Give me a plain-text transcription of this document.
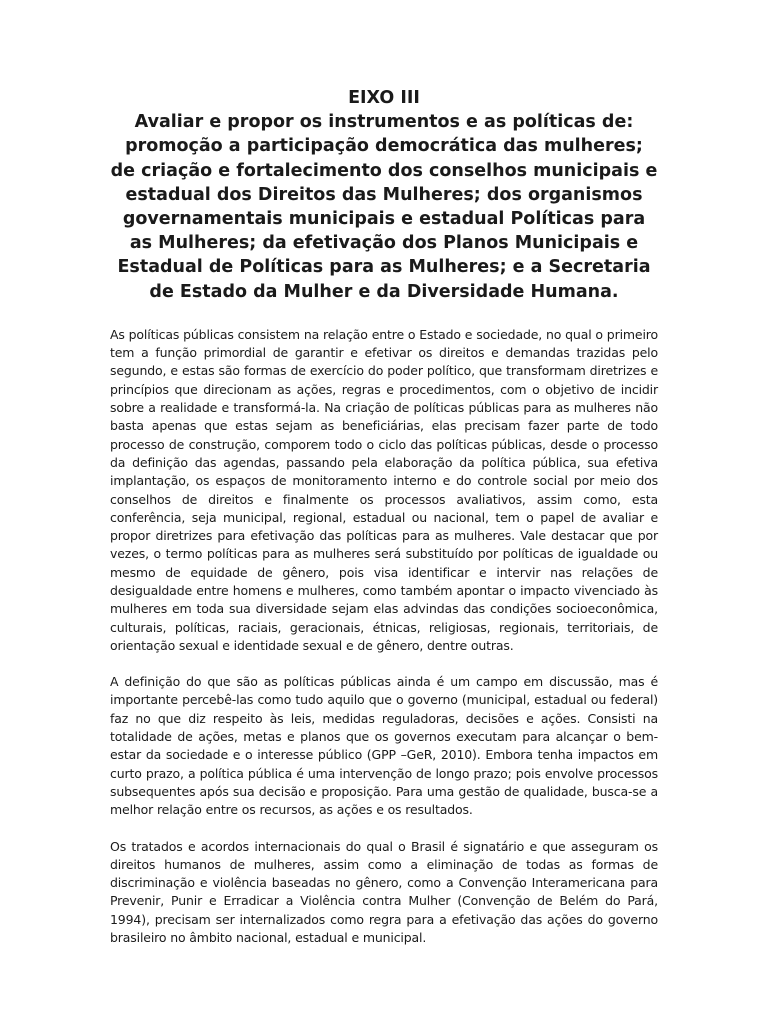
EIXO III
Avaliar e propor os instrumentos e as políticas de: promoção a participação democrática das mulheres; de criação e fortalecimento dos conselhos municipais e estadual dos Direitos das Mulheres; dos organismos governamentais municipais e estadual Políticas para as Mulheres; da efetivação dos Planos Municipais e Estadual de Políticas para as Mulheres; e a Secretaria de Estado da Mulher e da Diversidade Humana.

As políticas públicas consistem na relação entre o Estado e sociedade, no qual o primeiro tem a função primordial de garantir e efetivar os direitos e demandas trazidas pelo segundo, e estas são formas de exercício do poder político, que transformam diretrizes e princípios que direcionam as ações, regras e procedimentos, com o objetivo de incidir sobre a realidade e transformá-la. Na criação de políticas públicas para as mulheres não basta apenas que estas sejam as beneficiárias, elas precisam fazer parte de todo processo de construção, comporem todo o ciclo das políticas públicas, desde o processo da definição das agendas, passando pela elaboração da política pública, sua efetiva implantação, os espaços de monitoramento interno e do controle social por meio dos conselhos de direitos e finalmente os processos avaliativos, assim como, esta conferência, seja municipal, regional, estadual ou nacional, tem o papel de avaliar e propor diretrizes para efetivação das políticas para as mulheres. Vale destacar que por vezes, o termo políticas para as mulheres será substituído por políticas de igualdade ou mesmo de equidade de gênero, pois visa identificar e intervir nas relações de desigualdade entre homens e mulheres, como também apontar o impacto vivenciado às mulheres em toda sua diversidade sejam elas advindas das condições socioeconômica, culturais, políticas, raciais, geracionais, étnicas, religiosas, regionais, territoriais, de orientação sexual e identidade sexual e de gênero, dentre outras.

A definição do que são as políticas públicas ainda é um campo em discussão, mas é importante percebê-las como tudo aquilo que o governo (municipal, estadual ou federal) faz no que diz respeito às leis, medidas reguladoras, decisões e ações. Consisti na totalidade de ações, metas e planos que os governos executam para alcançar o bem-estar da sociedade e o interesse público (GPP –GeR, 2010). Embora tenha impactos em curto prazo, a política pública é uma intervenção de longo prazo; pois envolve processos subsequentes após sua decisão e proposição. Para uma gestão de qualidade, busca-se a melhor relação entre os recursos, as ações e os resultados.

Os tratados e acordos internacionais do qual o Brasil é signatário e que asseguram os direitos humanos de mulheres, assim como a eliminação de todas as formas de discriminação e violência baseadas no gênero, como a Convenção Interamericana para Prevenir, Punir e Erradicar a Violência contra Mulher (Convenção de Belém do Pará, 1994), precisam ser internalizados como regra para a efetivação das ações do governo brasileiro no âmbito nacional, estadual e municipal.
